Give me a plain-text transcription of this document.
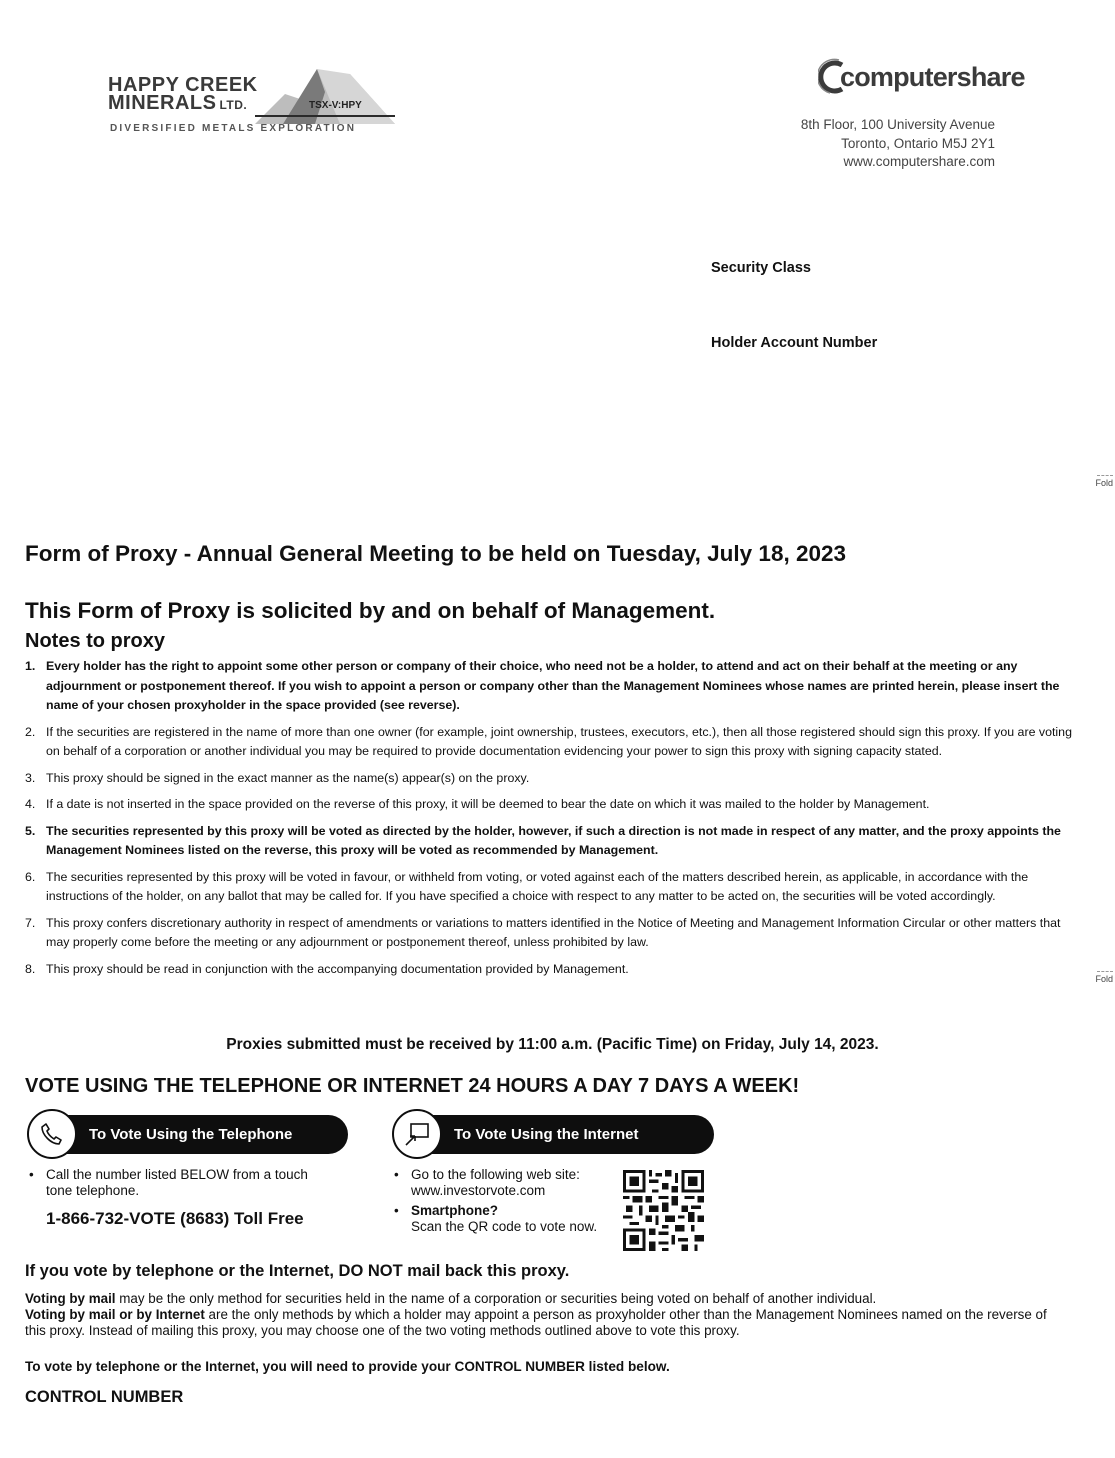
HAPPY CREEK
MINERALS LTD.	TSX-V:HPY
DIVERSIFIED METALS EXPLORATION
computershare
8th Floor, 100 University Avenue
Toronto, Ontario M5J 2Y1
www.computershare.com
Security Class
Holder Account Number
Fold
Fold
Form of Proxy - Annual General Meeting to be held on Tuesday, July 18, 2023
This Form of Proxy is solicited by and on behalf of Management.
Notes to proxy
1. Every holder has the right to appoint some other person or company of their choice, who need not be a holder, to attend and act on their behalf at the meeting or any adjournment or postponement thereof. If you wish to appoint a person or company other than the Management Nominees whose names are printed herein, please insert the name of your chosen proxyholder in the space provided (see reverse).
2. If the securities are registered in the name of more than one owner (for example, joint ownership, trustees, executors, etc.), then all those registered should sign this proxy. If you are voting on behalf of a corporation or another individual you may be required to provide documentation evidencing your power to sign this proxy with signing capacity stated.
3. This proxy should be signed in the exact manner as the name(s) appear(s) on the proxy.
4. If a date is not inserted in the space provided on the reverse of this proxy, it will be deemed to bear the date on which it was mailed to the holder by Management.
5. The securities represented by this proxy will be voted as directed by the holder, however, if such a direction is not made in respect of any matter, and the proxy appoints the Management Nominees listed on the reverse, this proxy will be voted as recommended by Management.
6. The securities represented by this proxy will be voted in favour, or withheld from voting, or voted against each of the matters described herein, as applicable, in accordance with the instructions of the holder, on any ballot that may be called for. If you have specified a choice with respect to any matter to be acted on, the securities will be voted accordingly.
7. This proxy confers discretionary authority in respect of amendments or variations to matters identified in the Notice of Meeting and Management Information Circular or other matters that may properly come before the meeting or any adjournment or postponement thereof, unless prohibited by law.
8. This proxy should be read in conjunction with the accompanying documentation provided by Management.
Proxies submitted must be received by 11:00 a.m. (Pacific Time) on Friday, July 14, 2023.
VOTE USING THE TELEPHONE OR INTERNET 24 HOURS A DAY 7 DAYS A WEEK!
To Vote Using the Telephone
• Call the number listed BELOW from a touch tone telephone.
1-866-732-VOTE (8683) Toll Free
To Vote Using the Internet
• Go to the following web site:
www.investorvote.com
• Smartphone?
Scan the QR code to vote now.
If you vote by telephone or the Internet, DO NOT mail back this proxy.
Voting by mail may be the only method for securities held in the name of a corporation or securities being voted on behalf of another individual.
Voting by mail or by Internet are the only methods by which a holder may appoint a person as proxyholder other than the Management Nominees named on the reverse of this proxy. Instead of mailing this proxy, you may choose one of the two voting methods outlined above to vote this proxy.
To vote by telephone or the Internet, you will need to provide your CONTROL NUMBER listed below.
CONTROL NUMBER
